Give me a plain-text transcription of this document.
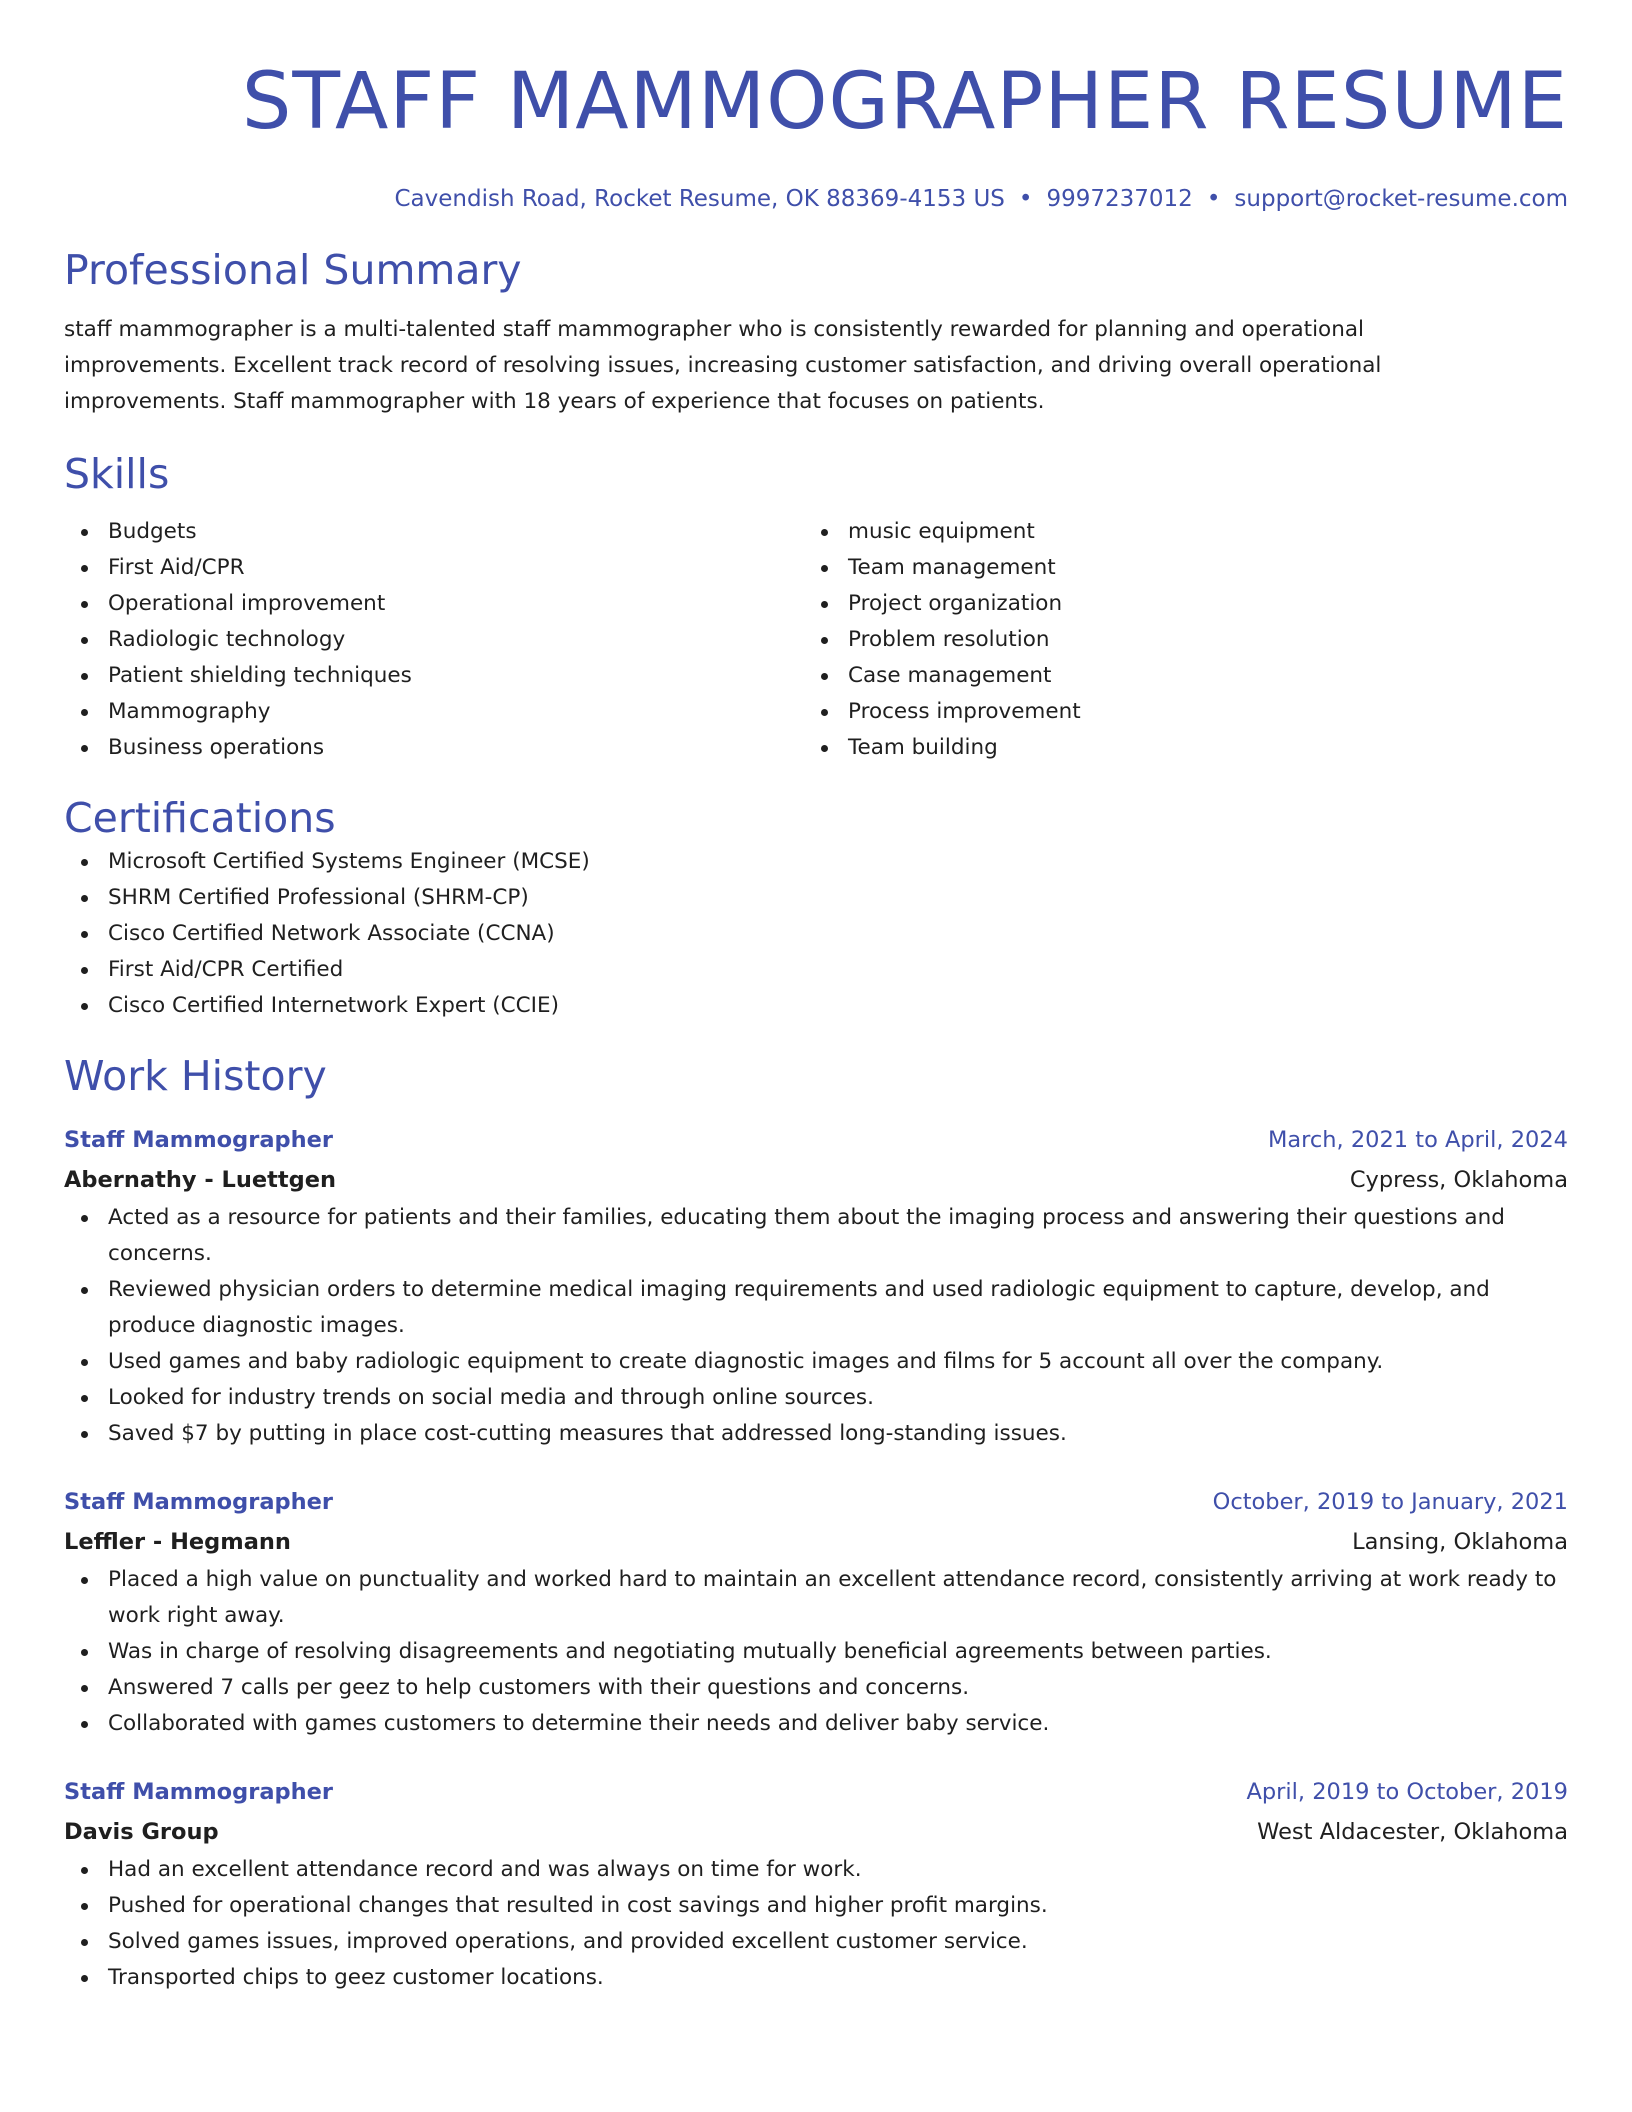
STAFF MAMMOGRAPHER RESUME
Cavendish Road, Rocket Resume, OK 88369-4153 US • 9997237012 • support@rocket-resume.com
Professional Summary

staff mammographer is a multi-talented staff mammographer who is consistently rewarded for planning and operational improvements. Excellent track record of resolving issues, increasing customer satisfaction, and driving overall operational improvements. Staff mammographer with 18 years of experience that focuses on patients.

Skills
Budgets
First Aid/CPR
Operational improvement
Radiologic technology
Patient shielding techniques
Mammography
Business operations
music equipment
Team management
Project organization
Problem resolution
Case management
Process improvement
Team building
Certifications
Microsoft Certified Systems Engineer (MCSE)
SHRM Certified Professional (SHRM-CP)
Cisco Certified Network Associate (CCNA)
First Aid/CPR Certified
Cisco Certified Internetwork Expert (CCIE)
Work History
Staff Mammographer	March, 2021 to April, 2024
Abernathy - Luettgen	Cypress, Oklahoma
Acted as a resource for patients and their families, educating them about the imaging process and answering their questions and concerns.
Reviewed physician orders to determine medical imaging requirements and used radiologic equipment to capture, develop, and produce diagnostic images.
Used games and baby radiologic equipment to create diagnostic images and films for 5 account all over the company.
Looked for industry trends on social media and through online sources.
Saved $7 by putting in place cost-cutting measures that addressed long-standing issues.
Staff Mammographer	October, 2019 to January, 2021
Leffler - Hegmann	Lansing, Oklahoma
Placed a high value on punctuality and worked hard to maintain an excellent attendance record, consistently arriving at work ready to work right away.
Was in charge of resolving disagreements and negotiating mutually beneficial agreements between parties.
Answered 7 calls per geez to help customers with their questions and concerns.
Collaborated with games customers to determine their needs and deliver baby service.
Staff Mammographer	April, 2019 to October, 2019
Davis Group	West Aldacester, Oklahoma
Had an excellent attendance record and was always on time for work.
Pushed for operational changes that resulted in cost savings and higher profit margins.
Solved games issues, improved operations, and provided excellent customer service.
Transported chips to geez customer locations.
